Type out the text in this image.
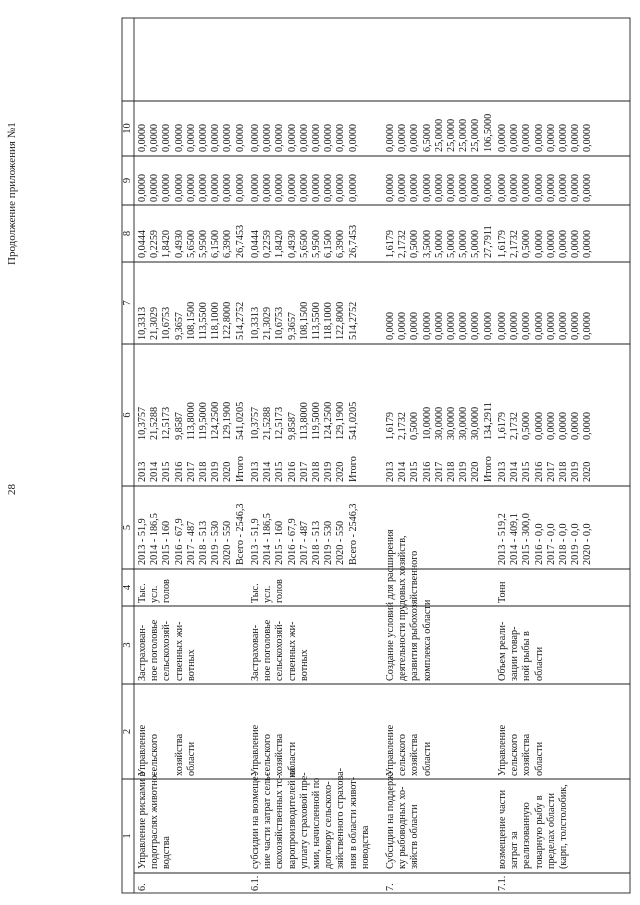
28
Продолжение приложения №1
1
2
3
4
5
6
7
8
9
10
6.
Управление рисками в
подотраслях животно-
водства
Управление
сельского

хозяйства
области
Застрахован-
ное поголовье
сельскохозяй-
ственных жи-
вотных
Тыс.
усл.
голов
2013 - 51,9
2014 - 186,5
2015 - 160
2016 - 67,9
2017 - 487
2018 - 513
2019 - 530
2020 - 550
Всего - 2546,3
2013
2014
2015
2016
2017
2018
2019
2020
Итого
10,3757
21,5288
12,5173
9,8587
113,8000
119,5000
124,2500
129,1900
541,0205
10,3313
21,3029
10,6753
9,3657
108,1500
113,5500
118,1000
122,8000
514,2752
0,0444
0,2259
1,8420
0,4930
5,6500
5,9500
6,1500
6,3900
26,7453
0,0000
0,0000
0,0000
0,0000
0,0000
0,0000
0,0000
0,0000
0,0000
0,0000
0,0000
0,0000
0,0000
0,0000
0,0000
0,0000
0,0000
0,0000
6.1.
субсидии на возмеще-
ние части затрат сель-
скохозяйственных то-
варопроизводителей на
уплату страховой пре-
мии, начисленной по
договору сельскохо-
зяйственного страхова-
ния в области живот-
новодства
Управление
сельского
хозяйства
области
Застрахован-
ное поголовье
сельскохозяй-
ственных жи-
вотных
Тыс.
усл.
голов
2013 - 51,9
2014 - 186,5
2015 - 160
2016 - 67,9
2017 - 487
2018 - 513
2019 - 530
2020 - 550
Всего - 2546,3
2013
2014
2015
2016
2017
2018
2019
2020
Итого
10,3757
21,5288
12,5173
9,8587
113,8000
119,5000
124,2500
129,1900
541,0205
10,3313
21,3029
10,6753
9,3657
108,1500
113,5500
118,1000
122,8000
514,2752
0,0444
0,2259
1,8420
0,4930
5,6500
5,9500
6,1500
6,3900
26,7453
0,0000
0,0000
0,0000
0,0000
0,0000
0,0000
0,0000
0,0000
0,0000
0,0000
0,0000
0,0000
0,0000
0,0000
0,0000
0,0000
0,0000
0,0000
7.
Субсидии на поддерж-
ку рыбоводных хо-
зяйств области
Управление
сельского
хозяйства
области
Создание условий для расширения
деятельности прудовых хозяйств,
развития рыбохозяйственного
комплекса области
2013
2014
2015
2016
2017
2018
2019
2020
Итого
1,6179
2,1732
0,5000
10,0000
30,0000
30,0000
30,0000
30,0000
134,2911
0,0000
0,0000
0,0000
0,0000
0,0000
0,0000
0,0000
0,0000
0,0000
1,6179
2,1732
0,5000
3,5000
5,0000
5,0000
5,0000
5,0000
27,7911
0,0000
0,0000
0,0000
0,0000
0,0000
0,0000
0,0000
0,0000
0,0000
0,0000
0,0000
0,0000
6,5000
25,0000
25,0000
25,0000
25,0000
106,5000
7.1.
возмещение части
затрат за
реализованную
товарную рыбу в
пределах области
(карп, толстолобик,
Управление
сельского
хозяйства
области
Объем реали-
зации товар-
ной рыбы в
области
Тонн
2013 - 519,2
2014 - 409,1
2015 - 300,0
2016 - 0,0
2017 - 0,0
2018 - 0,0
2019 - 0,0
2020 - 0,0
2013
2014
2015
2016
2017
2018
2019
2020
1,6179
2,1732
0,5000
0,0000
0,0000
0,0000
0,0000
0,0000
0,0000
0,0000
0,0000
0,0000
0,0000
0,0000
0,0000
0,0000
1,6179
2,1732
0,5000
0,0000
0,0000
0,0000
0,0000
0,0000
0,0000
0,0000
0,0000
0,0000
0,0000
0,0000
0,0000
0,0000
0,0000
0,0000
0,0000
0,0000
0,0000
0,0000
0,0000
0,0000
